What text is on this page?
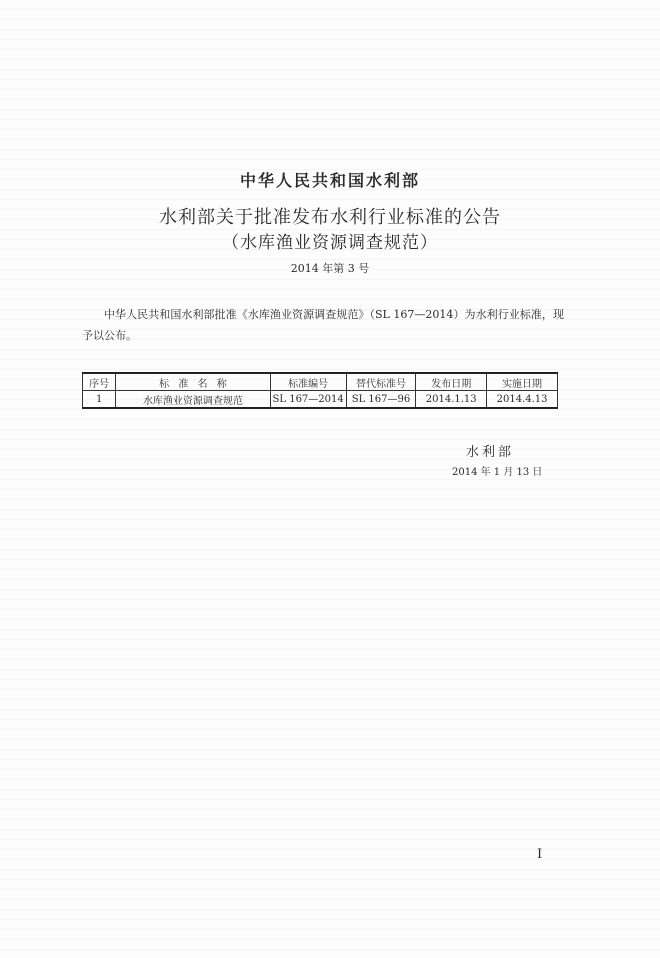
中华人民共和国水利部
水利部关于批准发布水利行业标准的公告
（水库渔业资源调查规范）
2014 年第 3 号
中华人民共和国水利部批准《水库渔业资源调查规范》（SL 167—2014）为水利行业标准，现予以公布。
序号	标 准 名 称	标准编号	替代标准号	发布日期	实施日期
1	水库渔业资源调查规范	SL 167—2014	SL 167—96	2014.1.13	2014.4.13
水利部
2014 年 1 月 13 日
I
